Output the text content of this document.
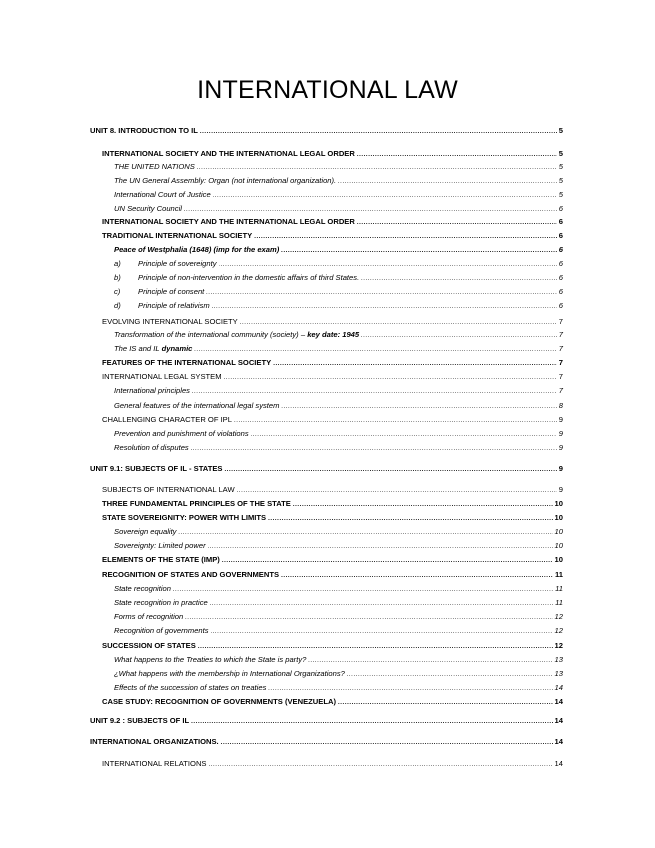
INTERNATIONAL LAW
UNIT 8. INTRODUCTION TO IL .....	5
INTERNATIONAL SOCIETY AND THE INTERNATIONAL LEGAL ORDER .....	5
THE UNITED NATIONS .....	5
The UN General Assembly: Organ (not international organization). .....	5
International Court of Justice .....	5
UN Security Council .....	6
INTERNATIONAL SOCIETY AND THE INTERNATIONAL LEGAL ORDER .....	6
TRADITIONAL INTERNATIONAL SOCIETY .....	6
Peace of Westphalia (1648) (imp for the exam) .....	6
a) Principle of sovereignty .....	6
b) Principle of non-intervention in the domestic affairs of third States. .....	6
c) Principle of consent .....	6
d) Principle of relativism .....	6
EVOLVING INTERNATIONAL SOCIETY .....	7
Transformation of the international community (society) – key date: 1945 .....	7
The IS and IL dynamic .....	7
FEATURES OF THE INTERNATIONAL SOCIETY .....	7
INTERNATIONAL LEGAL SYSTEM .....	7
International principles .....	7
General features of the international legal system .....	8
CHALLENGING CHARACTER OF IPL .....	9
Prevention and punishment of violations .....	9
Resolution of disputes .....	9
UNIT 9.1: SUBJECTS OF IL - STATES .....	9
SUBJECTS OF INTERNATIONAL LAW .....	9
THREE FUNDAMENTAL PRINCIPLES OF THE STATE .....	10
STATE SOVEREIGNITY: POWER WITH LIMITS .....	10
Sovereign equality .....	10
Sovereignty: Limited power .....	10
ELEMENTS OF THE STATE (IMP) .....	10
RECOGNITION OF STATES AND GOVERNMENTS .....	11
State recognition .....	11
State recognition in practice .....	11
Forms of recognition .....	12
Recognition of governments .....	12
SUCCESSION OF STATES .....	12
What happens to the Treaties to which the State is party? .....	13
¿What happens with the membership in International Organizations? .....	13
Effects of the succession of states on treaties .....	14
CASE STUDY: RECOGNITION OF GOVERNMENTS (VENEZUELA) .....	14
UNIT 9.2 : SUBJECTS OF IL .....	14
INTERNATIONAL ORGANIZATIONS. .....	14
INTERNATIONAL RELATIONS .....	14
